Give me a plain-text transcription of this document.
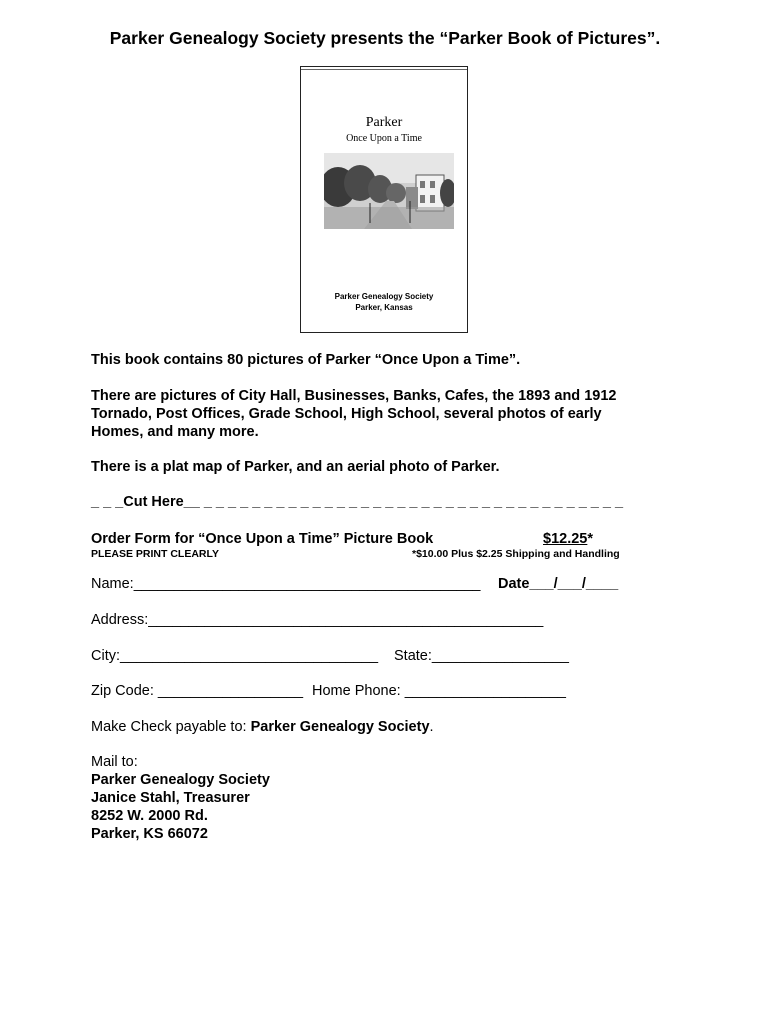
Parker Genealogy Society presents the “Parker Book of Pictures”.
Parker
Once Upon a Time
Parker Genealogy Society
Parker, Kansas
This book contains 80 pictures of Parker “Once Upon a Time”.
There are pictures of City Hall, Businesses, Banks, Cafes, the 1893 and 1912
Tornado, Post Offices, Grade School, High School, several photos of early
Homes, and many more.
There is a plat map of Parker, and an aerial photo of Parker.
_ _ _Cut Here__ _ _ _ _ _ _ _ _ _ _ _ _ _ _ _ _ _ _ _ _ _ _ _ _ _ _ _ _ _ _ _ _ _ _ _
Order Form for “Once Upon a Time” Picture Book	$12.25*
PLEASE PRINT CLEARLY	*$10.00 Plus $2.25 Shipping and Handling
Name:___________________________________________ Date___/___/____
Address:_________________________________________________
City:________________________________ State:_________________
Zip Code: __________________ Home Phone: ____________________
Make Check payable to: Parker Genealogy Society.
Mail to:
Parker Genealogy Society
Janice Stahl, Treasurer
8252 W. 2000 Rd.
Parker, KS 66072
